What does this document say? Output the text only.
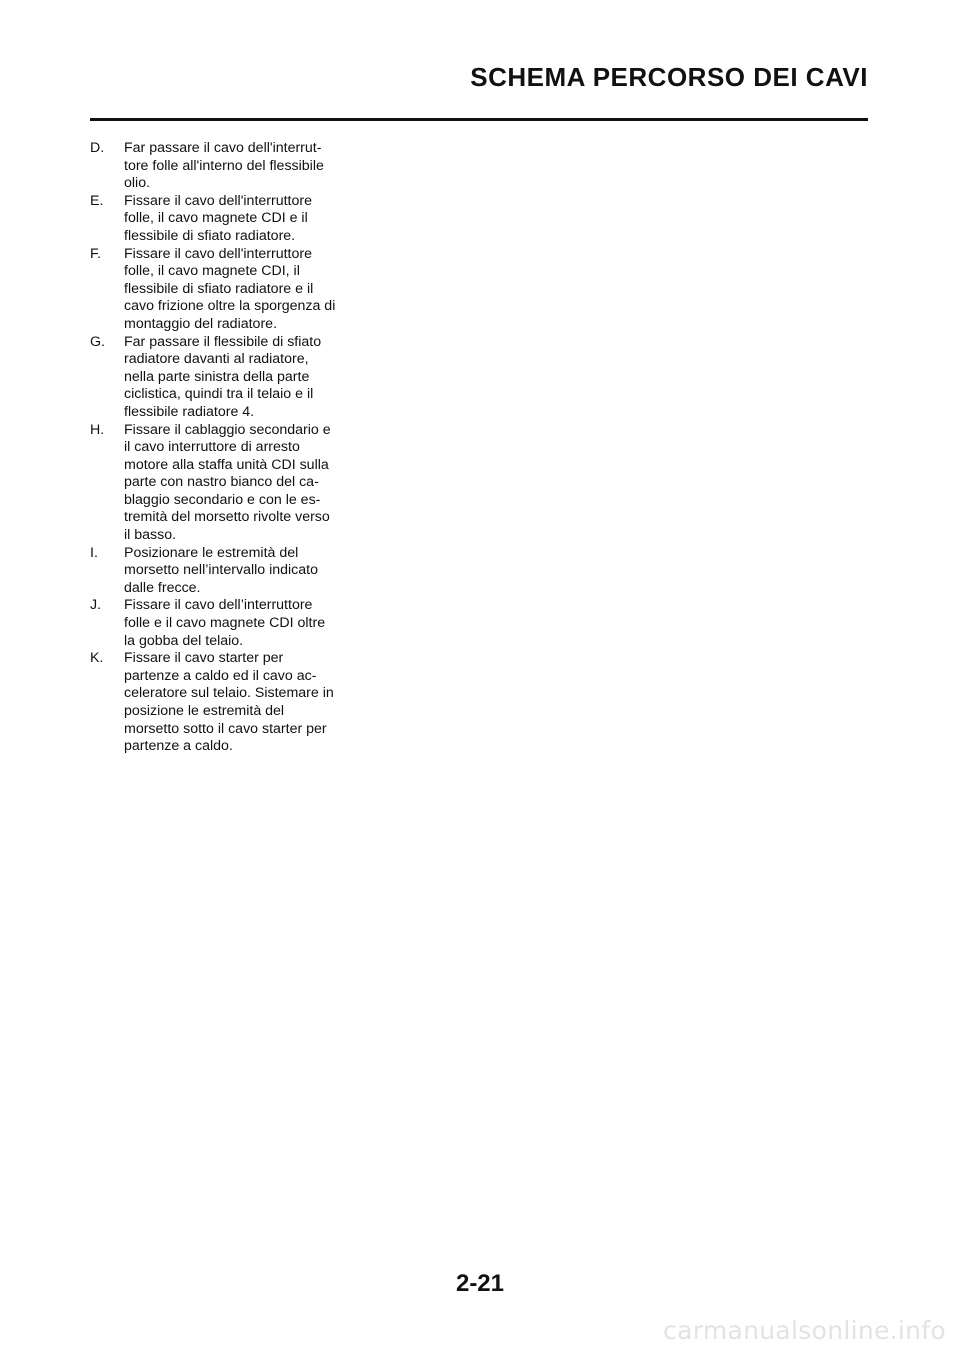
SCHEMA PERCORSO DEI CAVI
D.	Far passare il cavo dell'interrut-tore folle all'interno del flessibile olio.
E.	Fissare il cavo dell'interruttore folle, il cavo magnete CDI e il flessibile di sfiato radiatore.
F.	Fissare il cavo dell'interruttore folle, il cavo magnete CDI, il flessibile di sfiato radiatore e il cavo frizione oltre la sporgenza di montaggio del radiatore.
G.	Far passare il flessibile di sfiato radiatore davanti al radiatore, nella parte sinistra della parte ciclistica, quindi tra il telaio e il flessibile radiatore 4.
H.	Fissare il cablaggio secondario e il cavo interruttore di arresto motore alla staffa unità CDI sulla parte con nastro bianco del ca-blaggio secondario e con le es-tremità del morsetto rivolte verso il basso.
I.	Posizionare le estremità del morsetto nell’intervallo indicato dalle frecce.
J.	Fissare il cavo dell’interruttore folle e il cavo magnete CDI oltre la gobba del telaio.
K.	Fissare il cavo starter per partenze a caldo ed il cavo ac-celeratore sul telaio. Sistemare in posizione le estremità del morsetto sotto il cavo starter per partenze a caldo.

2-21

carmanualsonline.info
